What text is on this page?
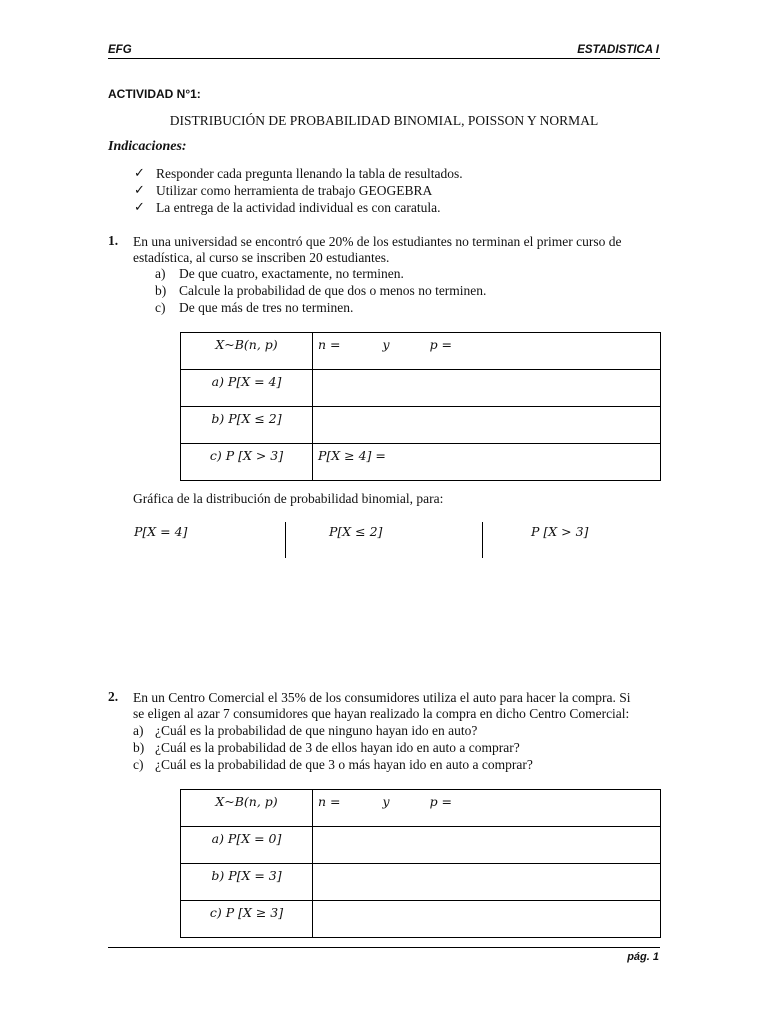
EFG	ESTADISTICA I
ACTIVIDAD N°1:
DISTRIBUCIÓN DE PROBABILIDAD BINOMIAL, POISSON Y NORMAL
Indicaciones:
✓ Responder cada pregunta llenando la tabla de resultados.
✓ Utilizar como herramienta de trabajo GEOGEBRA
✓ La entrega de la actividad individual es con caratula.
1. En una universidad se encontró que 20% de los estudiantes no terminan el primer curso de
estadística, al curso se inscriben 20 estudiantes.
a) De que cuatro, exactamente, no terminen.
b) Calcule la probabilidad de que dos o menos no terminen.
c) De que más de tres no terminen.
X~B(n, p)	n = y p =
a) P[X = 4]	
b) P[X ≤ 2]	
c) P [X > 3]	P[X ≥ 4] =
Gráfica de la distribución de probabilidad binomial, para:
P[X = 4]	P[X ≤ 2]	P [X > 3]
2. En un Centro Comercial el 35% de los consumidores utiliza el auto para hacer la compra. Si
se eligen al azar 7 consumidores que hayan realizado la compra en dicho Centro Comercial:
a) ¿Cuál es la probabilidad de que ninguno hayan ido en auto?
b) ¿Cuál es la probabilidad de 3 de ellos hayan ido en auto a comprar?
c) ¿Cuál es la probabilidad de que 3 o más hayan ido en auto a comprar?
X~B(n, p)	n = y p =
a) P[X = 0]	
b) P[X = 3]	
c) P [X ≥ 3]	
pág. 1
